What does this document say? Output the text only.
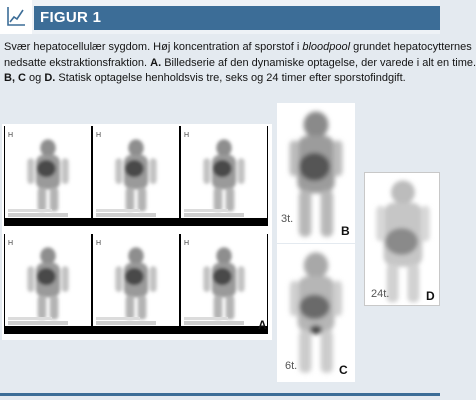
FIGUR 1
Svær hepatocellulær sygdom. Høj koncentration af sporstof i bloodpool grundet hepatocytternes
nedsatte ekstraktionsfraktion. A. Billedserie af den dynamiske optagelse, der varede i alt en time.
B, C og D. Statisk optagelse henholdsvis tre, seks og 24 timer efter sporstofindgift.
H	H	H
H	H	H
A
3t.
B
6t.	C
24t.	D
